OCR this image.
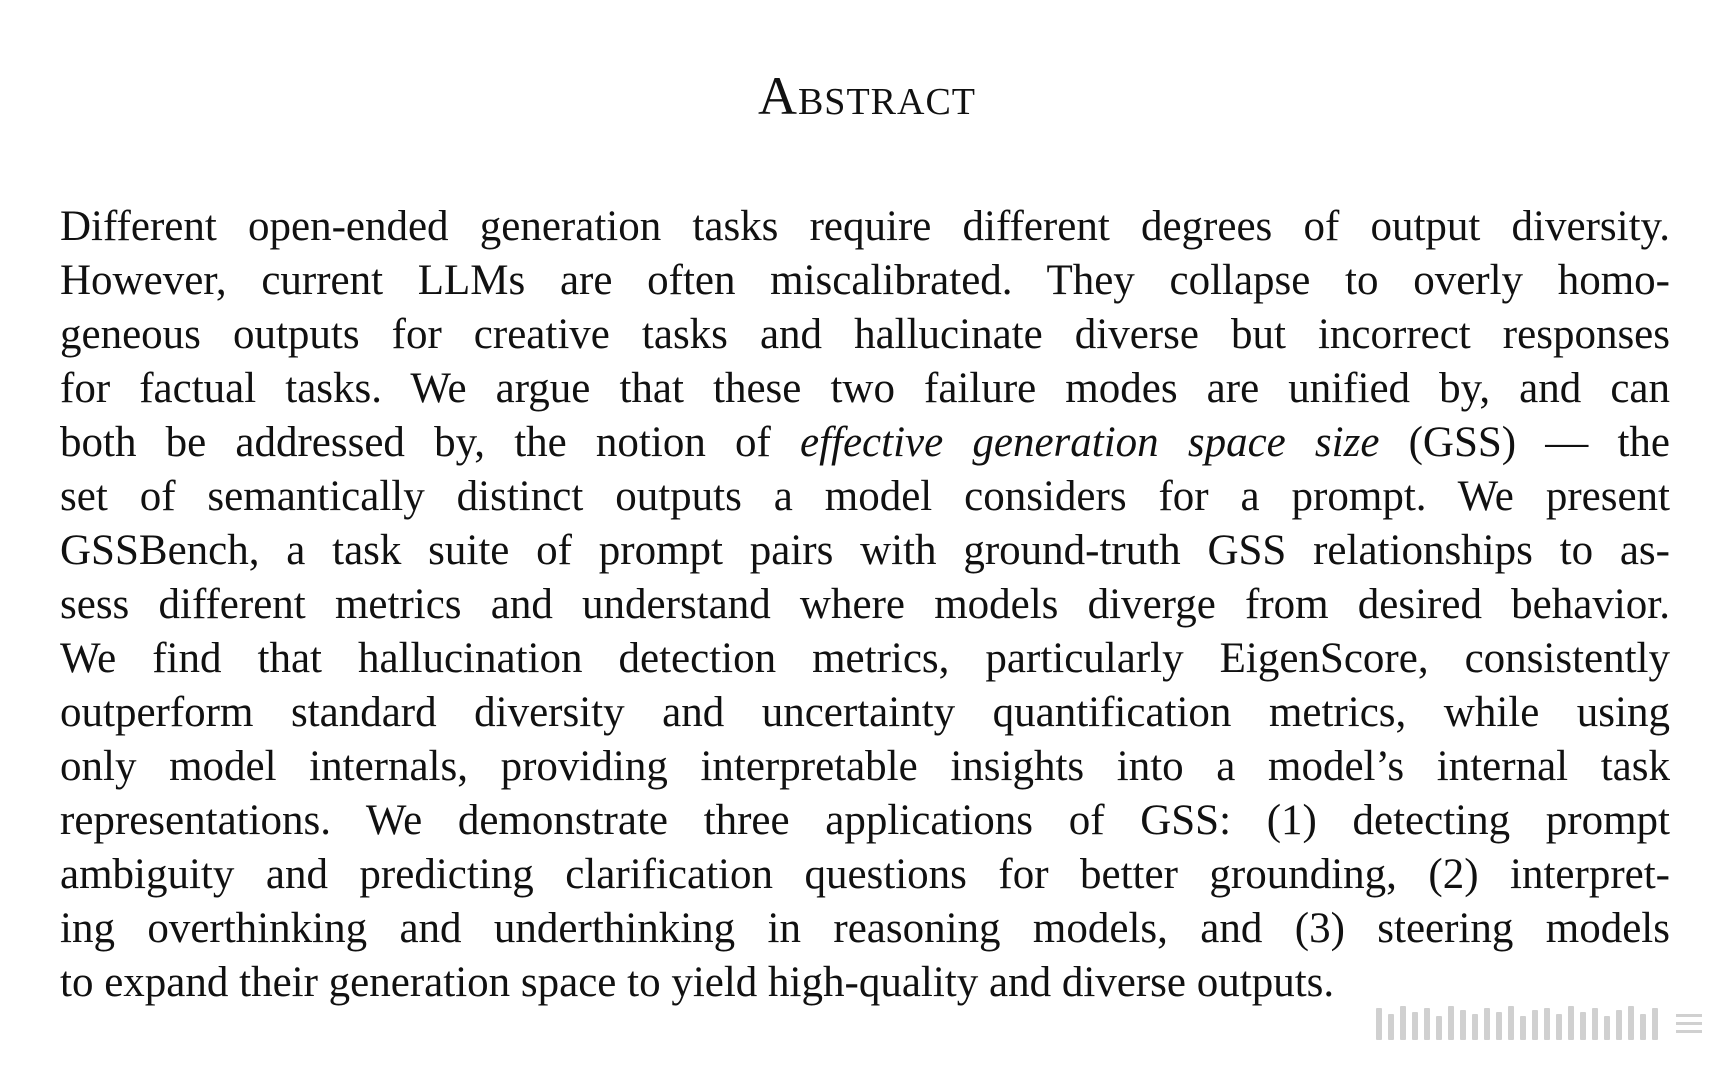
Abstract
Different open-ended generation tasks require different degrees of output diversity.
However, current LLMs are often miscalibrated. They collapse to overly homo-
geneous outputs for creative tasks and hallucinate diverse but incorrect responses
for factual tasks. We argue that these two failure modes are unified by, and can
both be addressed by, the notion of effective generation space size (GSS) — the
set of semantically distinct outputs a model considers for a prompt. We present
GSSBench, a task suite of prompt pairs with ground-truth GSS relationships to as-
sess different metrics and understand where models diverge from desired behavior.
We find that hallucination detection metrics, particularly EigenScore, consistently
outperform standard diversity and uncertainty quantification metrics, while using
only model internals, providing interpretable insights into a model’s internal task
representations. We demonstrate three applications of GSS: (1) detecting prompt
ambiguity and predicting clarification questions for better grounding, (2) interpret-
ing overthinking and underthinking in reasoning models, and (3) steering models
to expand their generation space to yield high-quality and diverse outputs.
